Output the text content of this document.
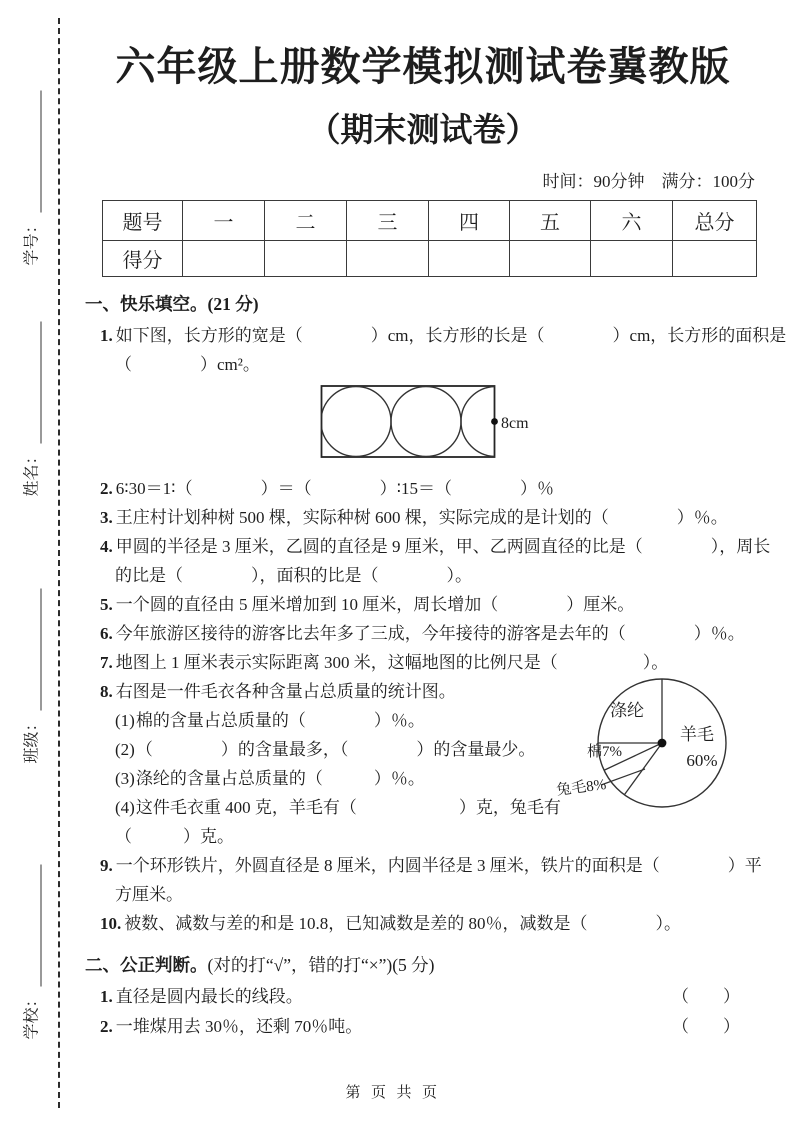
学号：
姓名：
班级：
学校：
六年级上册数学模拟测试卷冀教版
（期末测试卷）
时间：90分钟　满分：100分
题号	一	二	三	四	五	六	总分
得分							
一、快乐填空。(21 分)
1. 如下图，长方形的宽是（　　　　）cm，长方形的长是（　　　　）cm，长方形的面积是
（　　　　）cm²。
8cm
2. 6∶30＝1∶（　　　　）＝（　　　　）∶15＝（　　　　）％
3. 王庄村计划种树 500 棵，实际种树 600 棵，实际完成的是计划的（　　　　）％。
4. 甲圆的半径是 3 厘米，乙圆的直径是 9 厘米，甲、乙两圆直径的比是（　　　　），周长
的比是（　　　　），面积的比是（　　　　）。
5. 一个圆的直径由 5 厘米增加到 10 厘米，周长增加（　　　　）厘米。
6. 今年旅游区接待的游客比去年多了三成，今年接待的游客是去年的（　　　　）％。
7. 地图上 1 厘米表示实际距离 300 米，这幅地图的比例尺是（　　　　　）。
涤纶
羊毛
60%
棉7%
兔毛8%
8. 右图是一件毛衣各种含量占总质量的统计图。
(1)棉的含量占总质量的（　　　　）％。
(2)（　　　　）的含量最多，（　　　　）的含量最少。
(3)涤纶的含量占总质量的（　　　）％。
(4)这件毛衣重 400 克，羊毛有（　　　　　　）克，兔毛有
（　　　）克。
9. 一个环形铁片，外圆直径是 8 厘米，内圆半径是 3 厘米，铁片的面积是（　　　　）平
方厘米。
10. 被数、减数与差的和是 10.8，已知减数是差的 80％，减数是（　　　　）。
二、公正判断。(对的打“√”，错的打“×”)(5 分)
1. 直径是圆内最长的线段。	（　　）
2. 一堆煤用去 30％，还剩 70％吨。	（　　）
第页共页
